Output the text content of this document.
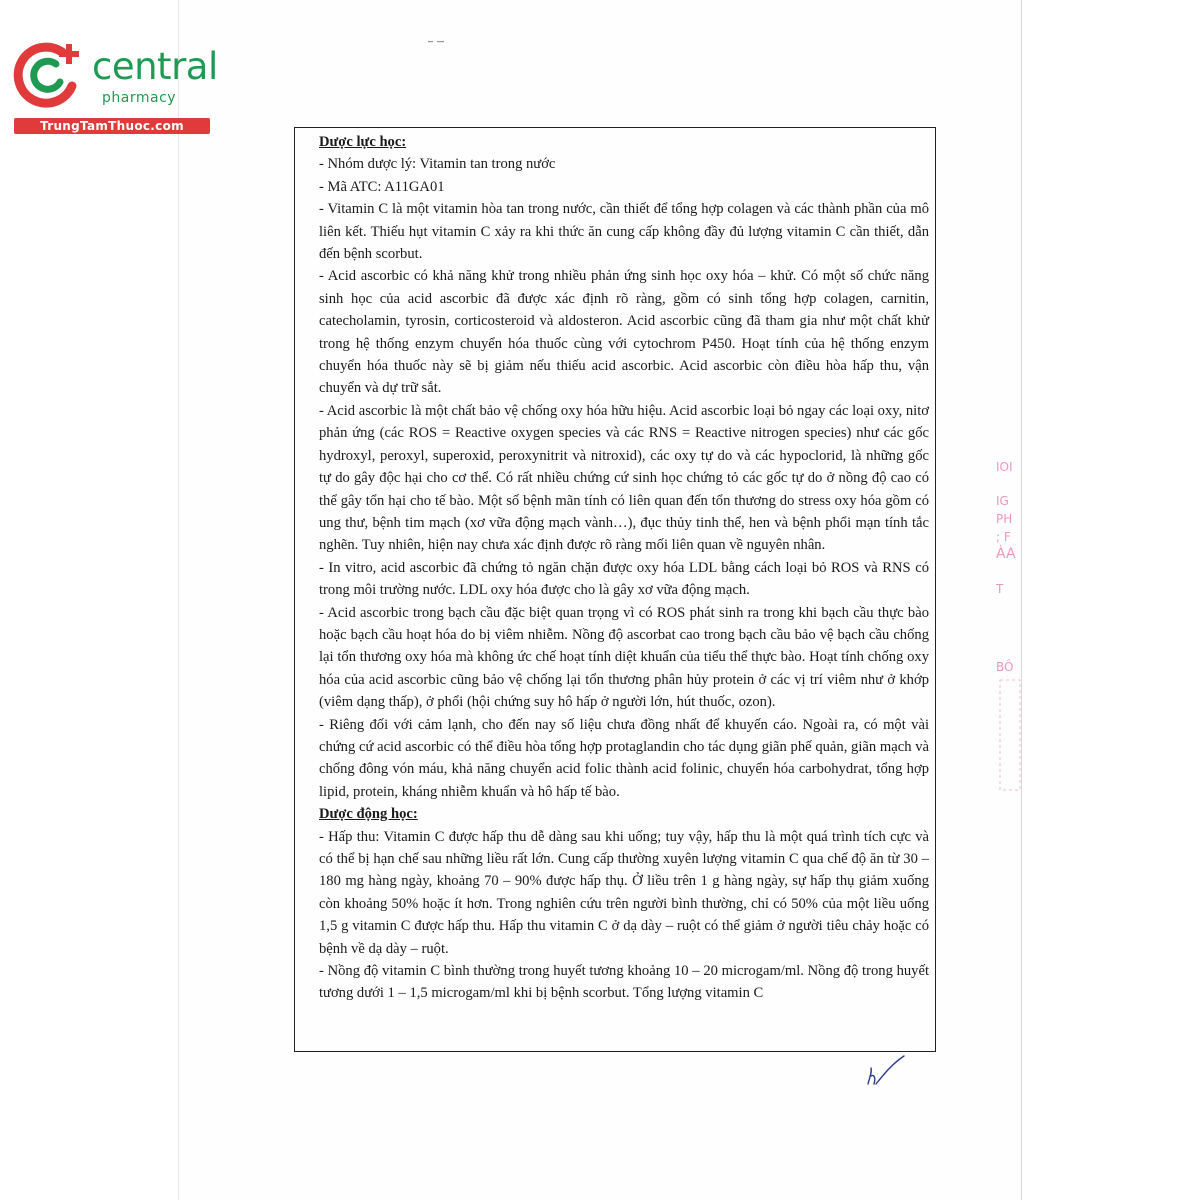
central
pharmacy
TrungTamThuoc.com

Dược lực học:

- Nhóm dược lý: Vitamin tan trong nước

- Mã ATC: A11GA01

- Vitamin C là một vitamin hòa tan trong nước, cần thiết để tổng hợp colagen và các thành phần của mô liên kết. Thiếu hụt vitamin C xảy ra khi thức ăn cung cấp không đầy đủ lượng vitamin C cần thiết, dẫn đến bệnh scorbut.

- Acid ascorbic có khả năng khử trong nhiều phản ứng sinh học oxy hóa – khử. Có một số chức năng sinh học của acid ascorbic đã được xác định rõ ràng, gồm có sinh tổng hợp colagen, carnitin, catecholamin, tyrosin, corticosteroid và aldosteron. Acid ascorbic cũng đã tham gia như một chất khử trong hệ thống enzym chuyển hóa thuốc cùng với cytochrom P450. Hoạt tính của hệ thống enzym chuyển hóa thuốc này sẽ bị giảm nếu thiếu acid ascorbic. Acid ascorbic còn điều hòa hấp thu, vận chuyển và dự trữ sắt.

- Acid ascorbic là một chất bảo vệ chống oxy hóa hữu hiệu. Acid ascorbic loại bỏ ngay các loại oxy, nitơ phản ứng (các ROS = Reactive oxygen species và các RNS = Reactive nitrogen species) như các gốc hydroxyl, peroxyl, superoxid, peroxynitrit và nitroxid), các oxy tự do và các hypoclorid, là những gốc tự do gây độc hại cho cơ thể. Có rất nhiều chứng cứ sinh học chứng tỏ các gốc tự do ở nồng độ cao có thể gây tổn hại cho tế bào. Một số bệnh mãn tính có liên quan đến tổn thương do stress oxy hóa gồm có ung thư, bệnh tim mạch (xơ vữa động mạch vành…), đục thủy tinh thể, hen và bệnh phổi mạn tính tắc nghẽn. Tuy nhiên, hiện nay chưa xác định được rõ ràng mối liên quan về nguyên nhân.

- In vitro, acid ascorbic đã chứng tỏ ngăn chặn được oxy hóa LDL bằng cách loại bỏ ROS và RNS có trong môi trường nước. LDL oxy hóa được cho là gây xơ vữa động mạch.

- Acid ascorbic trong bạch cầu đặc biệt quan trọng vì có ROS phát sinh ra trong khi bạch cầu thực bào hoặc bạch cầu hoạt hóa do bị viêm nhiễm. Nồng độ ascorbat cao trong bạch cầu bảo vệ bạch cầu chống lại tổn thương oxy hóa mà không ức chế hoạt tính diệt khuẩn của tiểu thể thực bào. Hoạt tính chống oxy hóa của acid ascorbic cũng bảo vệ chống lại tổn thương phân hủy protein ở các vị trí viêm như ở khớp (viêm dạng thấp), ở phổi (hội chứng suy hô hấp ở người lớn, hút thuốc, ozon).

- Riêng đối với cảm lạnh, cho đến nay số liệu chưa đồng nhất để khuyến cáo. Ngoài ra, có một vài chứng cứ acid ascorbic có thể điều hòa tổng hợp protaglandin cho tác dụng giãn phế quản, giãn mạch và chống đông vón máu, khả năng chuyển acid folic thành acid folinic, chuyển hóa carbohydrat, tổng hợp lipid, protein, kháng nhiễm khuẩn và hô hấp tế bào.

Dược động học:

- Hấp thu: Vitamin C được hấp thu dễ dàng sau khi uống; tuy vậy, hấp thu là một quá trình tích cực và có thể bị hạn chế sau những liều rất lớn. Cung cấp thường xuyên lượng vitamin C qua chế độ ăn từ 30 – 180 mg hàng ngày, khoảng 70 – 90% được hấp thụ. Ở liều trên 1 g hàng ngày, sự hấp thụ giảm xuống còn khoảng 50% hoặc ít hơn. Trong nghiên cứu trên người bình thường, chỉ có 50% của một liều uống 1,5 g vitamin C được hấp thu. Hấp thu vitamin C ở dạ dày – ruột có thể giảm ở người tiêu chảy hoặc có bệnh về dạ dày – ruột.

- Nồng độ vitamin C bình thường trong huyết tương khoảng 10 – 20 microgam/ml. Nồng độ trong huyết tương dưới 1 – 1,5 microgam/ml khi bị bệnh scorbut. Tổng lượng vitamin C

IOI
IG
PH
; F
ÀA
T
BÔ
